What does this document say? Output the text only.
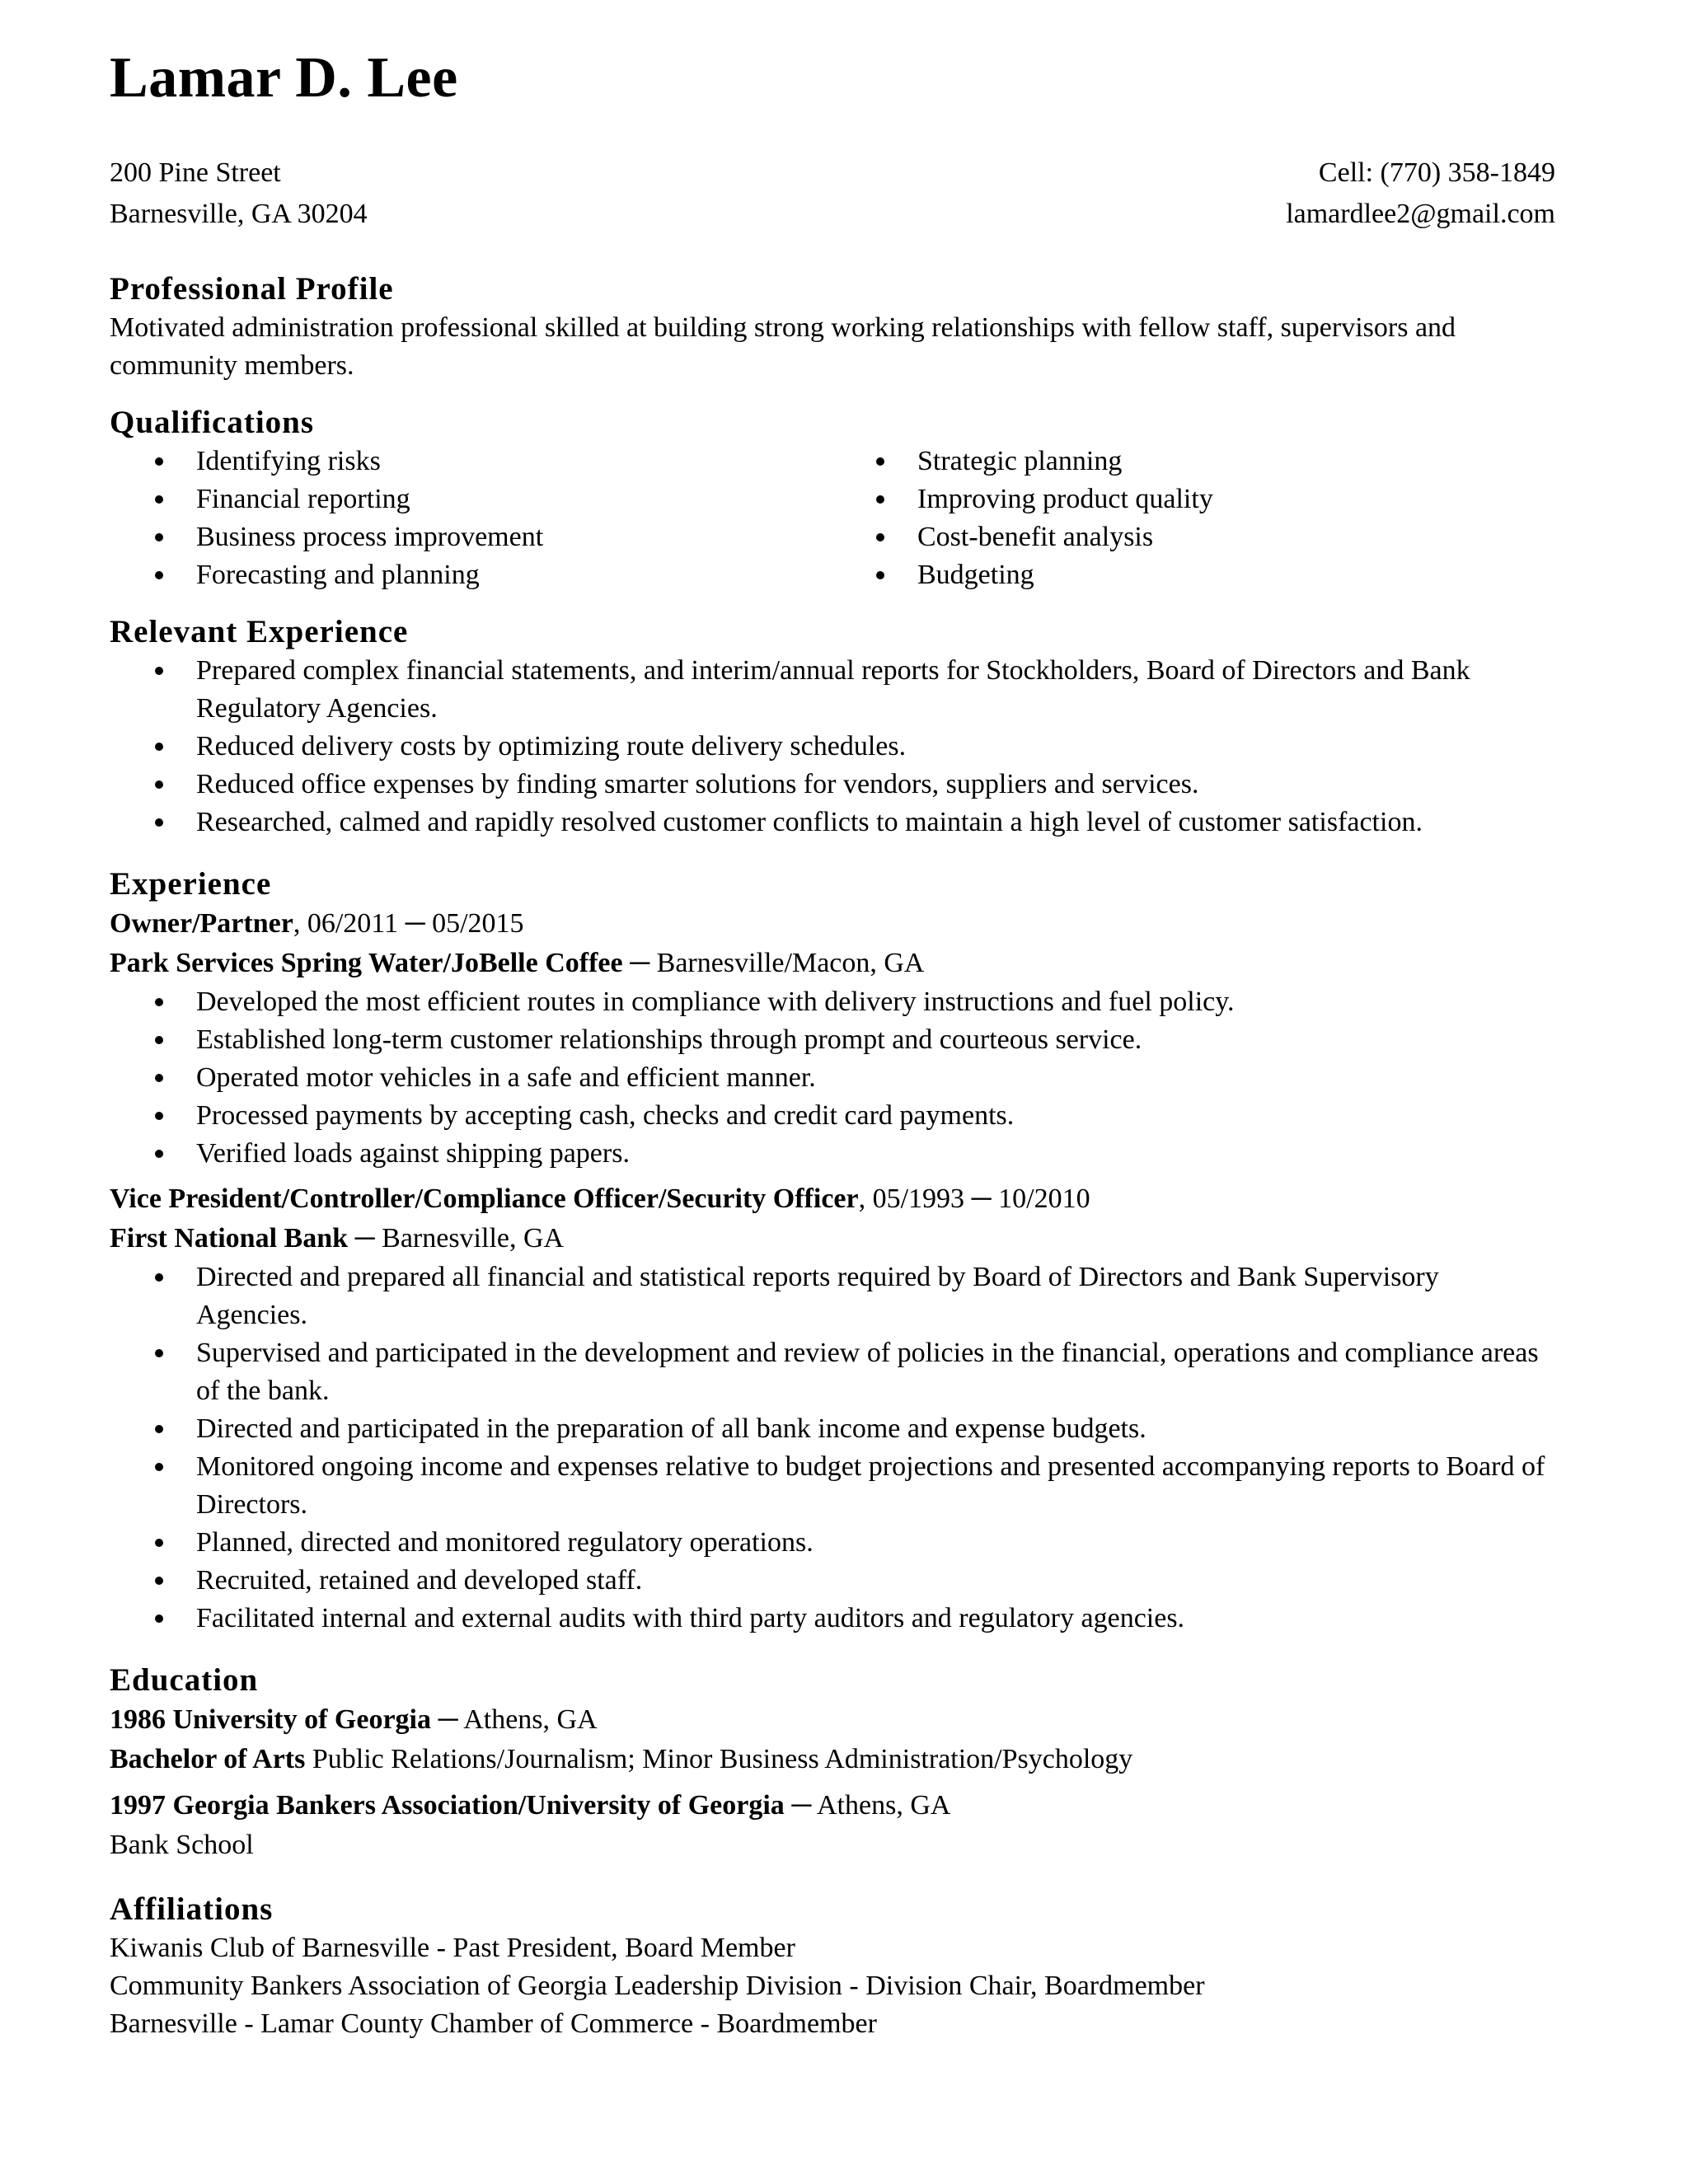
Lamar D. Lee
200 Pine Street
Barnesville, GA 30204
Cell: (770) 358-1849
lamardlee2@gmail.com
Professional Profile
Motivated administration professional skilled at building strong working relationships with fellow staff, supervisors and community members.
Qualifications
Identifying risks
Financial reporting
Business process improvement
Forecasting and planning
Strategic planning
Improving product quality
Cost-benefit analysis
Budgeting
Relevant Experience
Prepared complex financial statements, and interim/annual reports for Stockholders, Board of Directors and Bank Regulatory Agencies.
Reduced delivery costs by optimizing route delivery schedules.
Reduced office expenses by finding smarter solutions for vendors, suppliers and services.
Researched, calmed and rapidly resolved customer conflicts to maintain a high level of customer satisfaction.
Experience
Owner/Partner, 06/2011 ─ 05/2015
Park Services Spring Water/JoBelle Coffee ─ Barnesville/Macon, GA
Developed the most efficient routes in compliance with delivery instructions and fuel policy.
Established long-term customer relationships through prompt and courteous service.
Operated motor vehicles in a safe and efficient manner.
Processed payments by accepting cash, checks and credit card payments.
Verified loads against shipping papers.
Vice President/Controller/Compliance Officer/Security Officer, 05/1993 ─ 10/2010
First National Bank ─ Barnesville, GA
Directed and prepared all financial and statistical reports required by Board of Directors and Bank Supervisory Agencies.
Supervised and participated in the development and review of policies in the financial, operations and compliance areas of the bank.
Directed and participated in the preparation of all bank income and expense budgets.
Monitored ongoing income and expenses relative to budget projections and presented accompanying reports to Board of Directors.
Planned, directed and monitored regulatory operations.
Recruited, retained and developed staff.
Facilitated internal and external audits with third party auditors and regulatory agencies.
Education
1986 University of Georgia ─ Athens, GA
Bachelor of Arts Public Relations/Journalism; Minor Business Administration/Psychology
1997 Georgia Bankers Association/University of Georgia ─ Athens, GA
Bank School
Affiliations
Kiwanis Club of Barnesville - Past President, Board Member
Community Bankers Association of Georgia Leadership Division - Division Chair, Boardmember
Barnesville - Lamar County Chamber of Commerce - Boardmember
